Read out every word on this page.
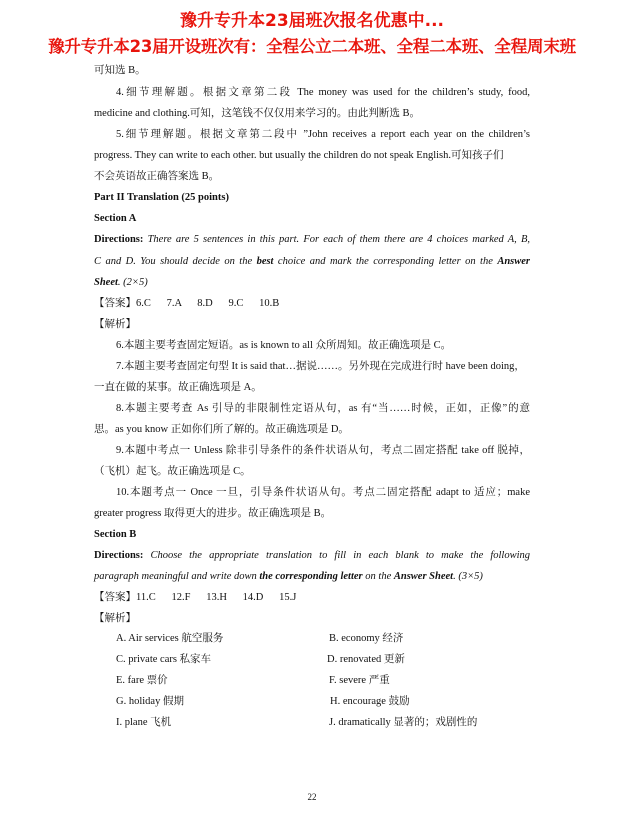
豫升专升本23届班次报名优惠中...
豫升专升本23届开设班次有：全程公立二本班、全程二本班、全程周末班
可知选 B。
4.细节理解题。根据文章第二段 The money was used for the children’s study, food,
medicine and clothing.可知，这笔钱不仅仅用来学习的。由此判断选 B。
5.细节理解题。根据文章第二段中 ”John receives a report each year on the children’s
progress. They can write to each other. but usually the children do not speak English.可知孩子们
不会英语故正确答案选 B。
Part II Translation (25 points)
Section A
Directions: There are 5 sentences in this part. For each of them there are 4 choices marked A, B,
C and D. You should decide on the best choice and mark the corresponding letter on the Answer
Sheet. (2×5)
【答案】6.C      7.A      8.D      9.C      10.B
【解析】
6.本题主要考查固定短语。as is known to all 众所周知。故正确选项是 C。
7.本题主要考查固定句型 It is said that…据说……。另外现在完成进行时 have been doing，
一直在做的某事。故正确选项是 A。
8.本题主要考查 As 引导的非限制性定语从句，as 有“当……时候，正如，正像”的意
思。as you know 正如你们所了解的。故正确选项是 D。
9.本题中考点一 Unless 除非引导条件的条件状语从句，考点二固定搭配 take off 脱掉，
（飞机）起飞。故正确选项是 C。
10.本题考点一 Once 一旦，引导条件状语从句。考点二固定搭配 adapt to 适应；make
greater progress 取得更大的进步。故正确选项是 B。
Section B
Directions: Choose the appropriate translation to fill in each blank to make the following
paragraph meaningful and write down the corresponding letter on the Answer Sheet. (3×5)
【答案】11.C      12.F      13.H      14.D      15.J
【解析】
A. Air services 航空服务	B. economy 经济
C. private cars 私家车	D. renovated 更新
E. fare 票价	F. severe 严重
G. holiday 假期	H. encourage 鼓励
I. plane 飞机	J. dramatically 显著的；戏剧性的
22
